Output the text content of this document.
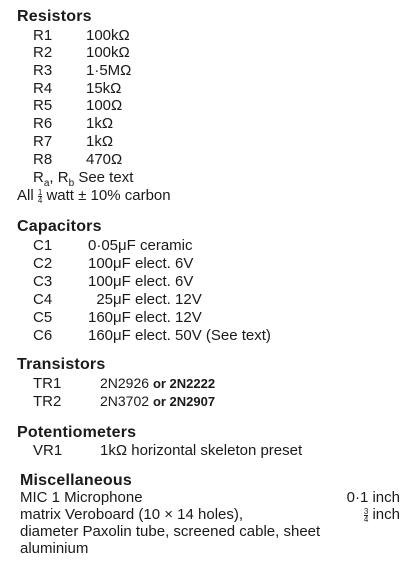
Resistors
R1 100kΩ
R2 100kΩ
R3 1·5MΩ
R4 15kΩ
R5 100Ω
R6 1kΩ
R7 1kΩ
R8 470Ω
$R_a$, $R_b$ See text
All $\frac{1}{4}$ watt ± 10% carbon
Capacitors
C1 0·05μF ceramic
C2 100μF elect. 6V
C3 100μF elect. 6V
C4 25μF elect. 12V
C5 160μF elect. 12V
C6 160μF elect. 50V (See text)
Transistors
TR1	2N2926 or 2N2222
TR2	2N3702 or 2N2907
Potentiometers
VR1	1kΩ horizontal skeleton preset
Miscellaneous
MIC 1 Microphone	0·1 inch
matrix Veroboard (10 × 14 holes),	$\frac{3}{4}$ inch
diameter Paxolin tube, screened cable, sheet
aluminium
